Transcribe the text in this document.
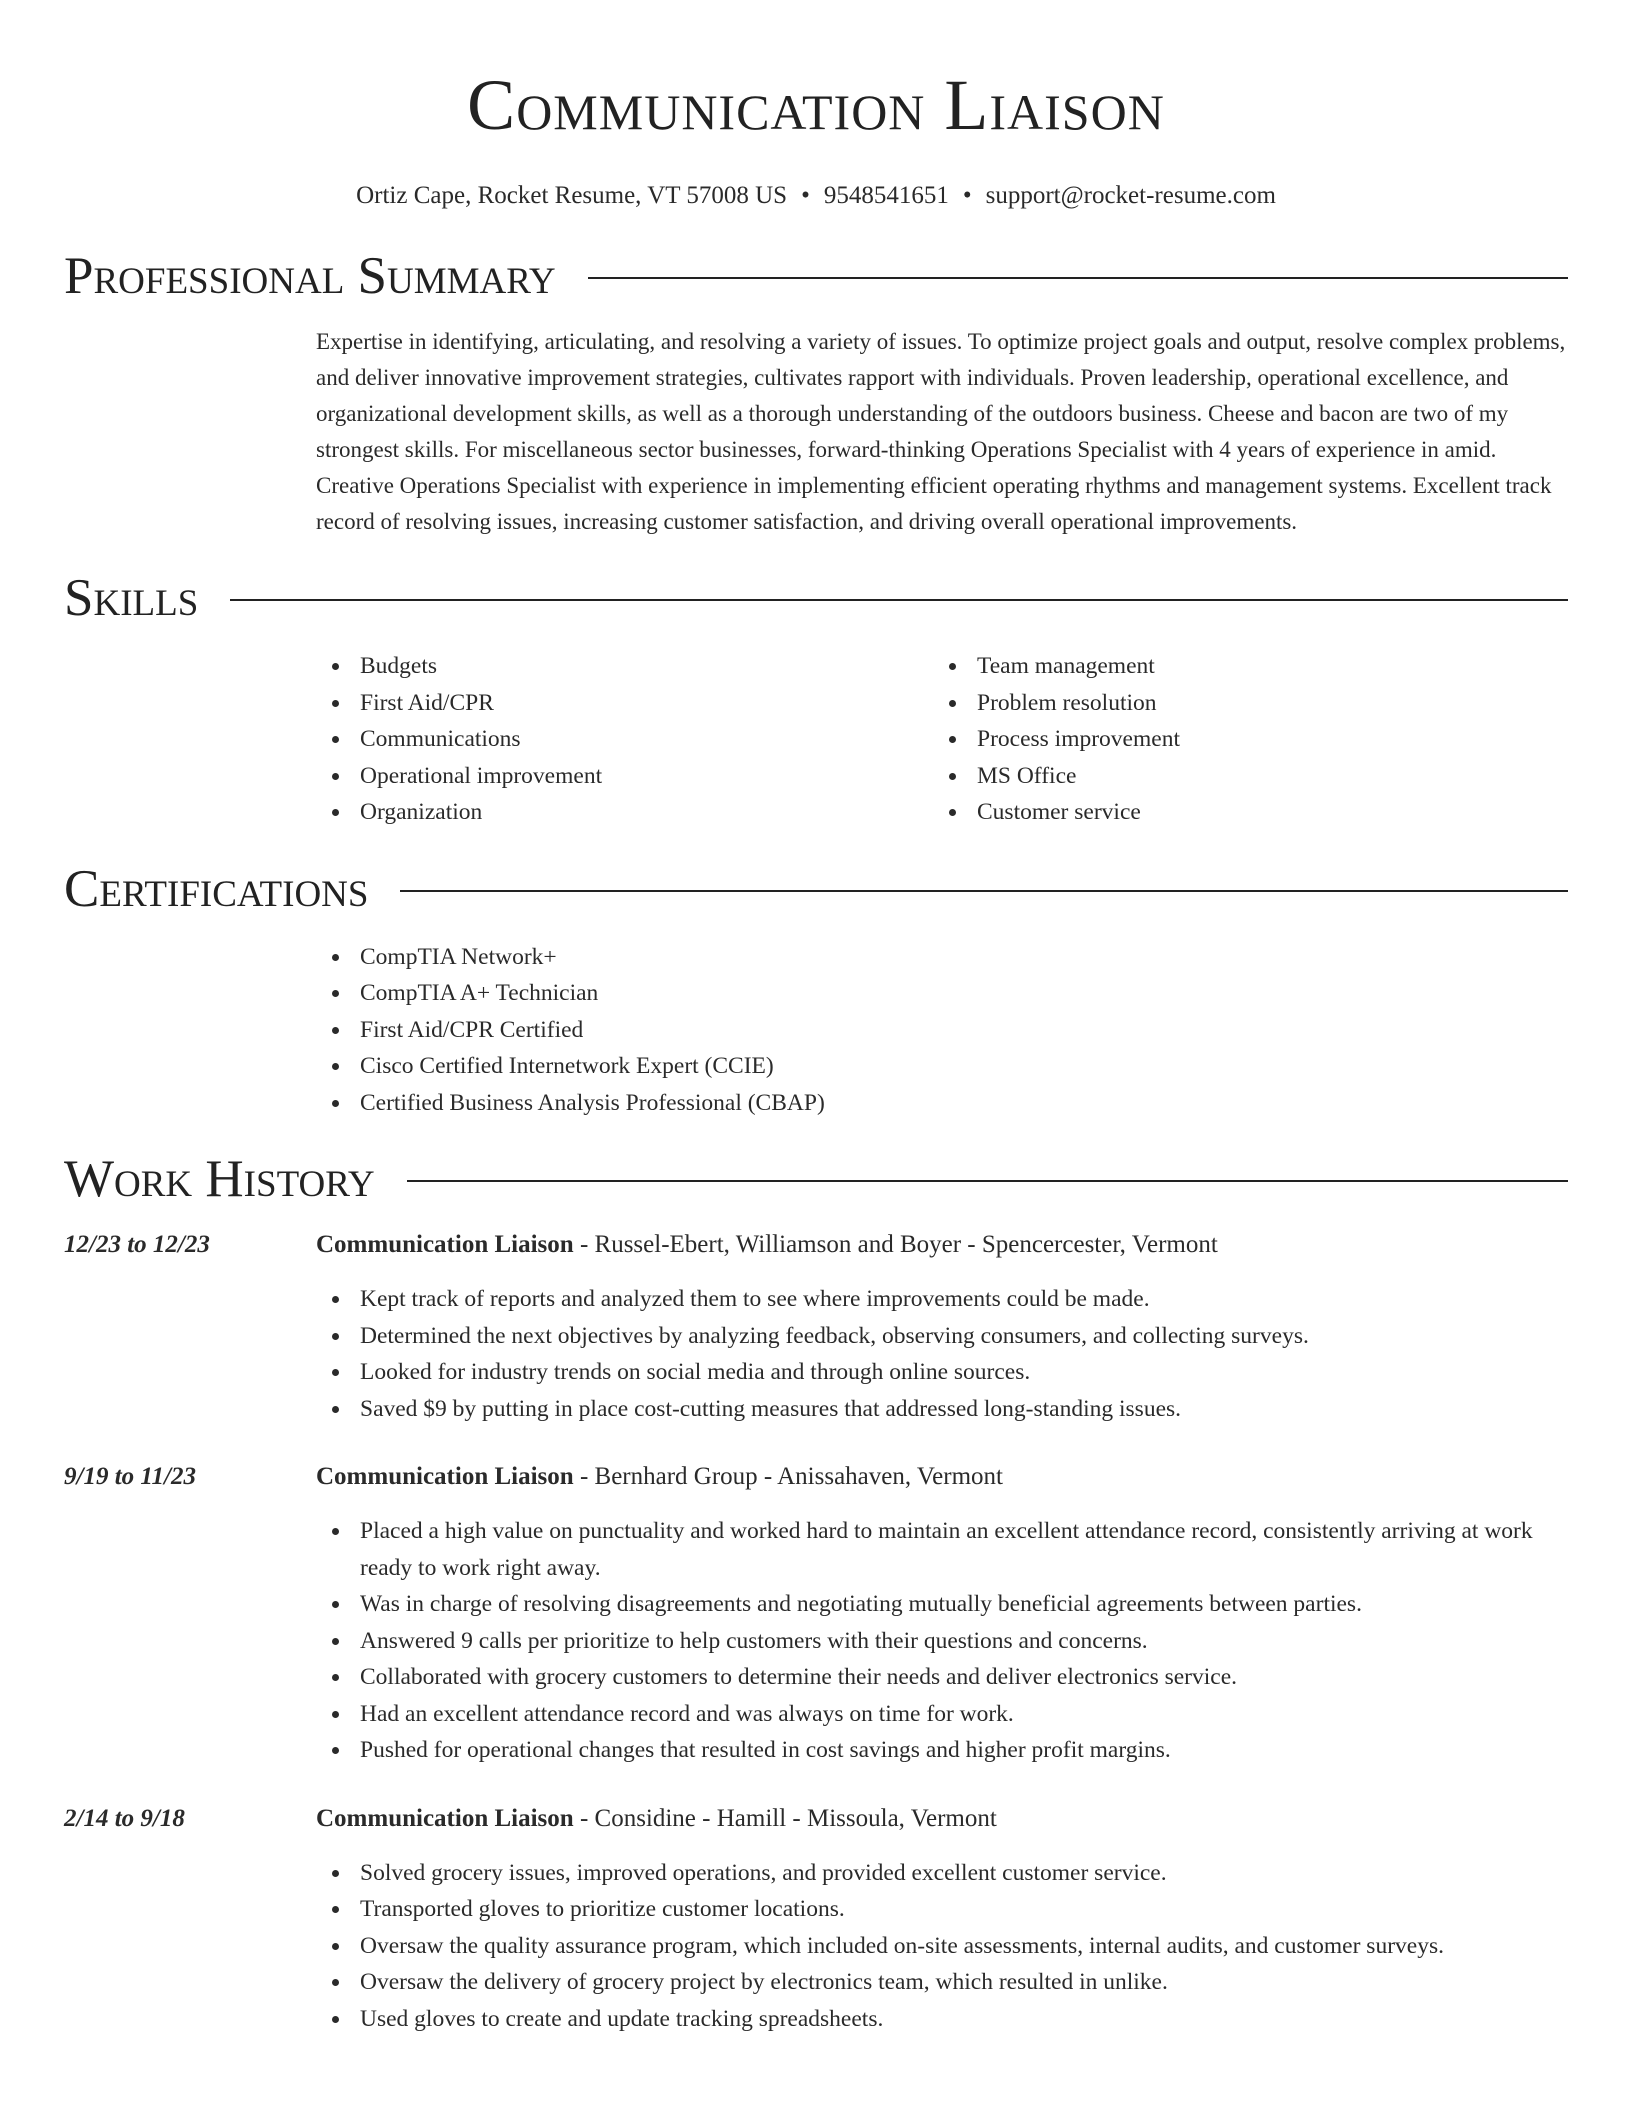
Communication Liaison
Ortiz Cape, Rocket Resume, VT 57008 US • 9548541651 • support@rocket-resume.com
Professional Summary

Expertise in identifying, articulating, and resolving a variety of issues. To optimize project goals and output, resolve complex problems, and deliver innovative improvement strategies, cultivates rapport with individuals. Proven leadership, operational excellence, and organizational development skills, as well as a thorough understanding of the outdoors business. Cheese and bacon are two of my strongest skills. For miscellaneous sector businesses, forward-thinking Operations Specialist with 4 years of experience in amid. Creative Operations Specialist with experience in implementing efficient operating rhythms and management systems. Excellent track record of resolving issues, increasing customer satisfaction, and driving overall operational improvements.

Skills
Budgets
First Aid/CPR
Communications
Operational improvement
Organization
Team management
Problem resolution
Process improvement
MS Office
Customer service
Certifications
CompTIA Network+
CompTIA A+ Technician
First Aid/CPR Certified
Cisco Certified Internetwork Expert (CCIE)
Certified Business Analysis Professional (CBAP)
Work History
12/23 to 12/23	Communication Liaison - Russel-Ebert, Williamson and Boyer - Spencercester, Vermont
Kept track of reports and analyzed them to see where improvements could be made.
Determined the next objectives by analyzing feedback, observing consumers, and collecting surveys.
Looked for industry trends on social media and through online sources.
Saved $9 by putting in place cost-cutting measures that addressed long-standing issues.
9/19 to 11/23	Communication Liaison - Bernhard Group - Anissahaven, Vermont
Placed a high value on punctuality and worked hard to maintain an excellent attendance record, consistently arriving at work ready to work right away.
Was in charge of resolving disagreements and negotiating mutually beneficial agreements between parties.
Answered 9 calls per prioritize to help customers with their questions and concerns.
Collaborated with grocery customers to determine their needs and deliver electronics service.
Had an excellent attendance record and was always on time for work.
Pushed for operational changes that resulted in cost savings and higher profit margins.
2/14 to 9/18	Communication Liaison - Considine - Hamill - Missoula, Vermont
Solved grocery issues, improved operations, and provided excellent customer service.
Transported gloves to prioritize customer locations.
Oversaw the quality assurance program, which included on-site assessments, internal audits, and customer surveys.
Oversaw the delivery of grocery project by electronics team, which resulted in unlike.
Used gloves to create and update tracking spreadsheets.
